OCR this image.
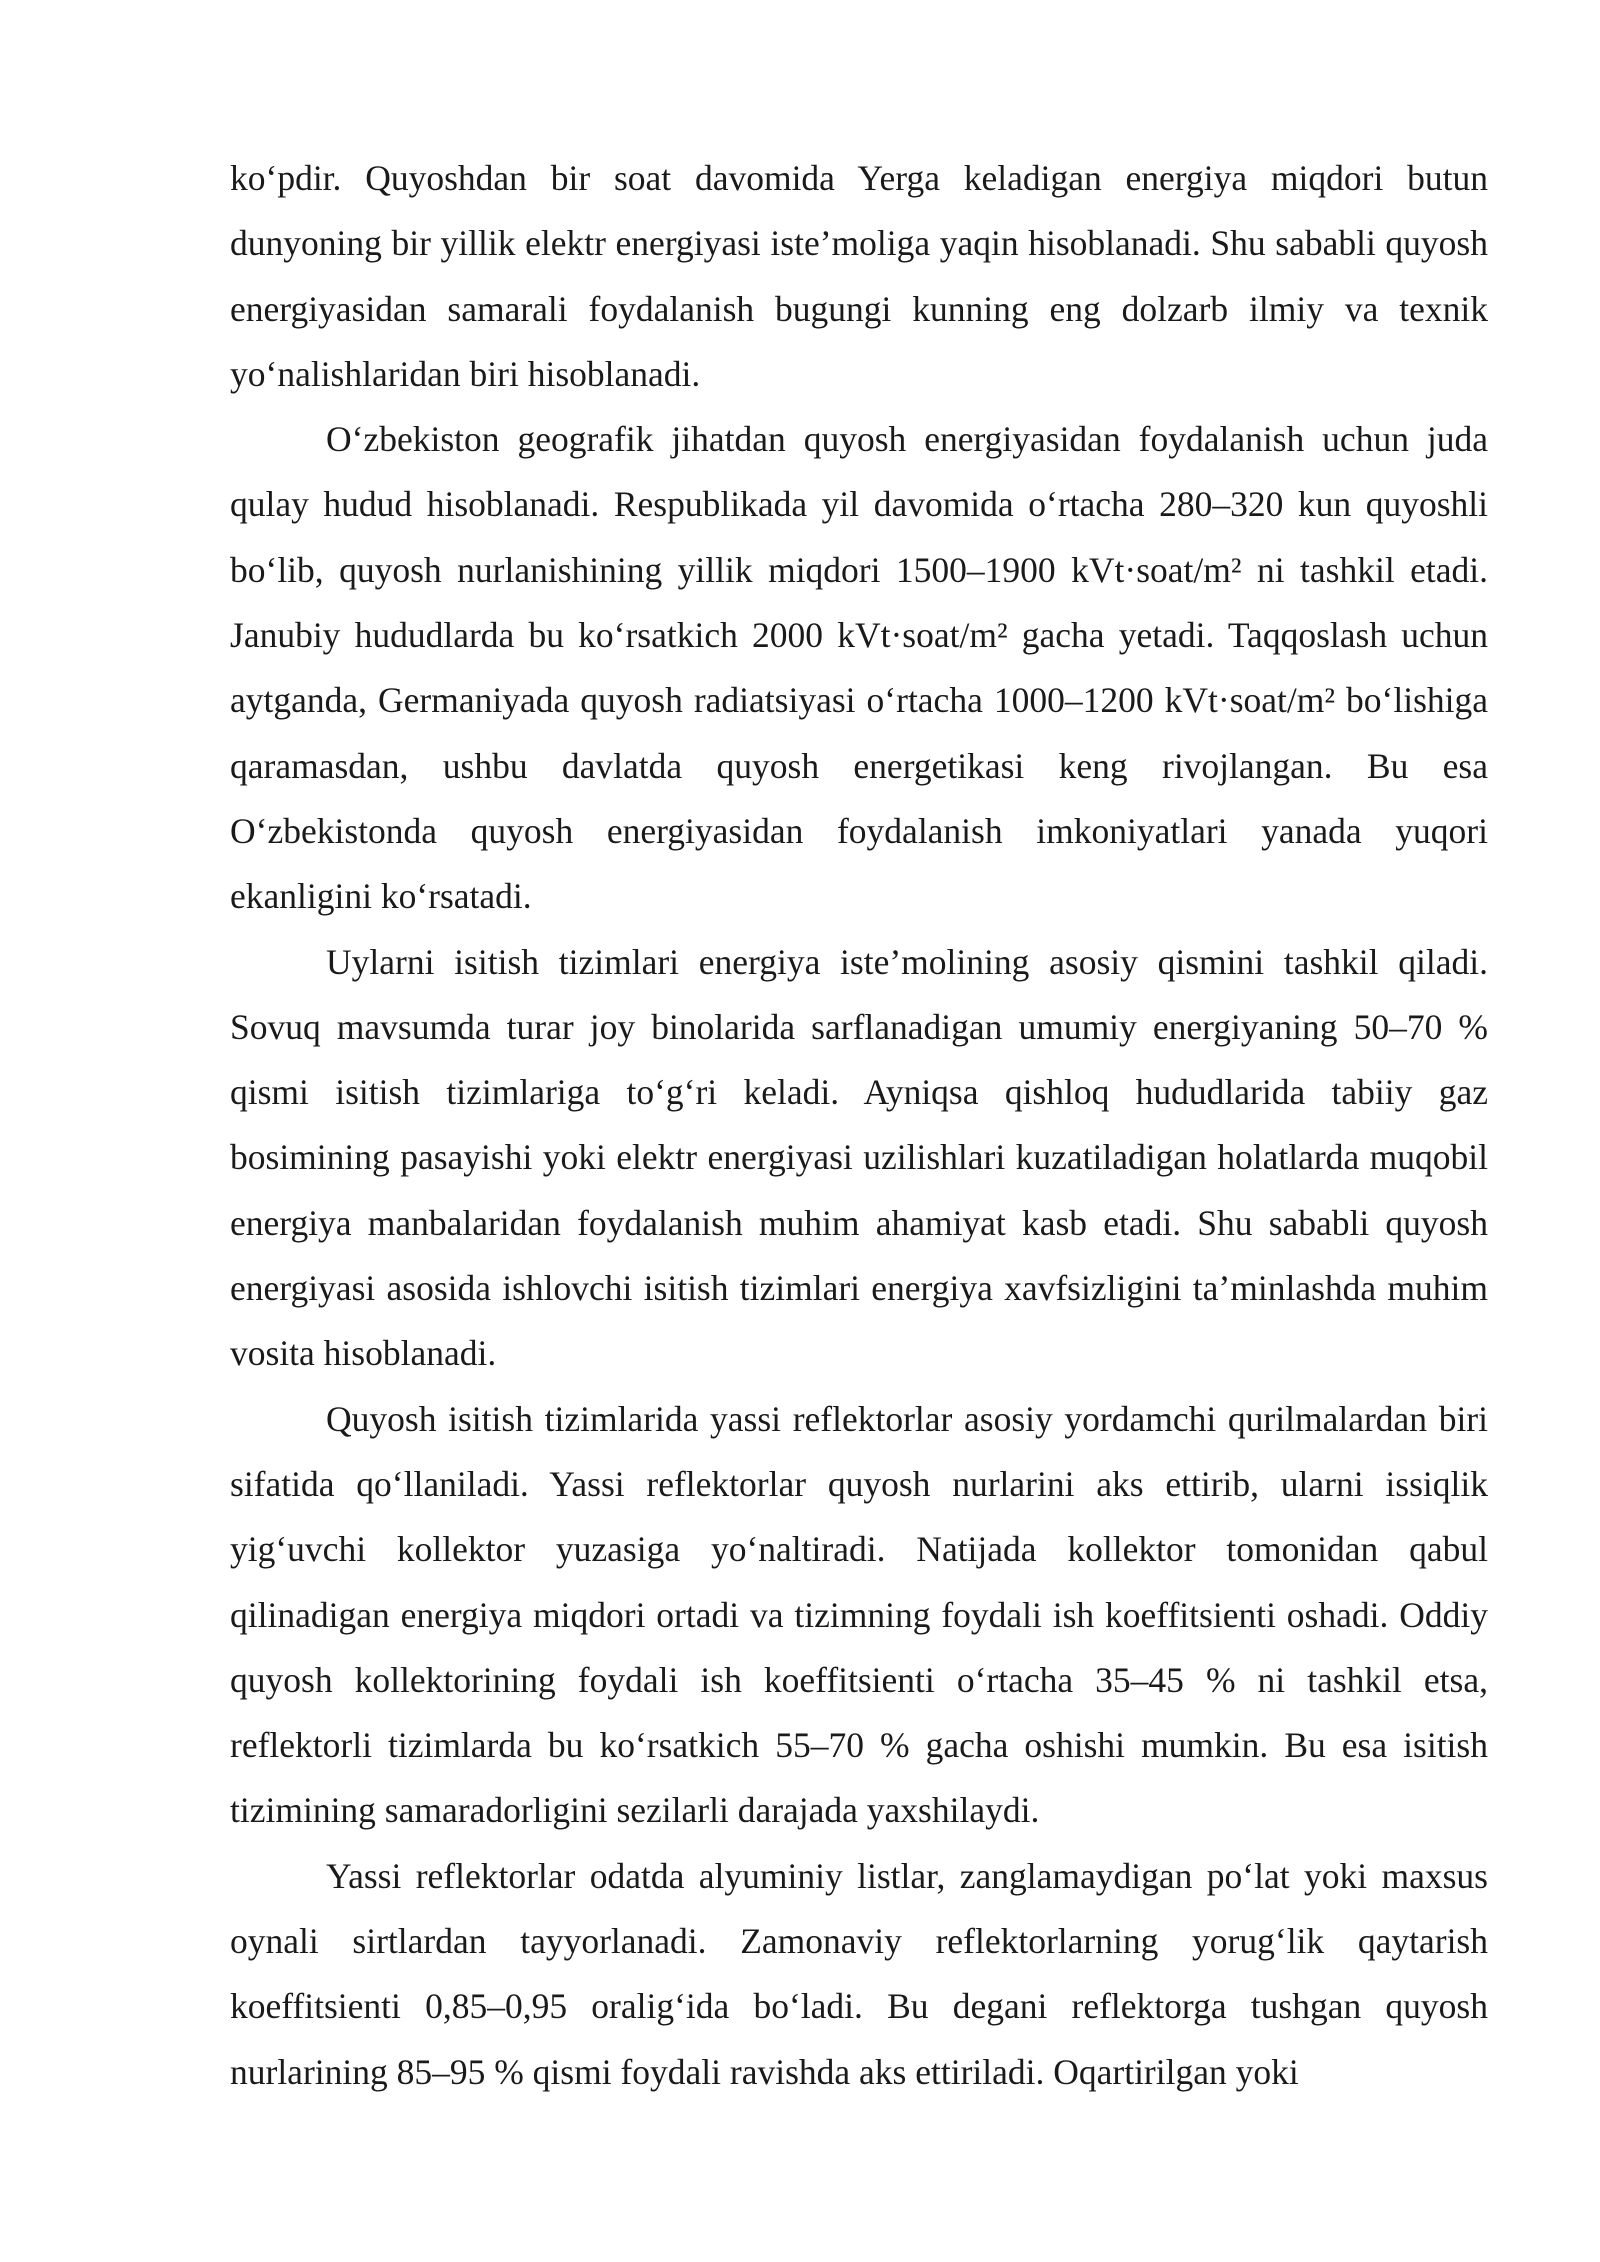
ko‘pdir. Quyoshdan bir soat davomida Yerga keladigan energiya miqdori butun dunyoning bir yillik elektr energiyasi iste’moliga yaqin hisoblanadi. Shu sababli quyosh energiyasidan samarali foydalanish bugungi kunning eng dolzarb ilmiy va texnik yo‘nalishlaridan biri hisoblanadi.

O‘zbekiston geografik jihatdan quyosh energiyasidan foydalanish uchun juda qulay hudud hisoblanadi. Respublikada yil davomida o‘rtacha 280–320 kun quyoshli bo‘lib, quyosh nurlanishining yillik miqdori 1500–1900 kVt·soat/m² ni tashkil etadi. Janubiy hududlarda bu ko‘rsatkich 2000 kVt·soat/m² gacha yetadi. Taqqoslash uchun aytganda, Germaniyada quyosh radiatsiyasi o‘rtacha 1000–1200 kVt·soat/m² bo‘lishiga qaramasdan, ushbu davlatda quyosh energetikasi keng rivojlangan. Bu esa O‘zbekistonda quyosh energiyasidan foydalanish imkoniyatlari yanada yuqori ekanligini ko‘rsatadi.

Uylarni isitish tizimlari energiya iste’molining asosiy qismini tashkil qiladi. Sovuq mavsumda turar joy binolarida sarflanadigan umumiy energiyaning 50–70 % qismi isitish tizimlariga to‘g‘ri keladi. Ayniqsa qishloq hududlarida tabiiy gaz bosimining pasayishi yoki elektr energiyasi uzilishlari kuzatiladigan holatlarda muqobil energiya manbalaridan foydalanish muhim ahamiyat kasb etadi. Shu sababli quyosh energiyasi asosida ishlovchi isitish tizimlari energiya xavfsizligini ta’minlashda muhim vosita hisoblanadi.

Quyosh isitish tizimlarida yassi reflektorlar asosiy yordamchi qurilmalardan biri sifatida qo‘llaniladi. Yassi reflektorlar quyosh nurlarini aks ettirib, ularni issiqlik yig‘uvchi kollektor yuzasiga yo‘naltiradi. Natijada kollektor tomonidan qabul qilinadigan energiya miqdori ortadi va tizimning foydali ish koeffitsienti oshadi. Oddiy quyosh kollektorining foydali ish koeffitsienti o‘rtacha 35–45 % ni tashkil etsa, reflektorli tizimlarda bu ko‘rsatkich 55–70 % gacha oshishi mumkin. Bu esa isitish tizimining samaradorligini sezilarli darajada yaxshilaydi.

Yassi reflektorlar odatda alyuminiy listlar, zanglamaydigan po‘lat yoki maxsus oynali sirtlardan tayyorlanadi. Zamonaviy reflektorlarning yorug‘lik qaytarish koeffitsienti 0,85–0,95 oralig‘ida bo‘ladi. Bu degani reflektorga tushgan quyosh nurlarining 85–95 % qismi foydali ravishda aks ettiriladi. Oqartirilgan yoki
